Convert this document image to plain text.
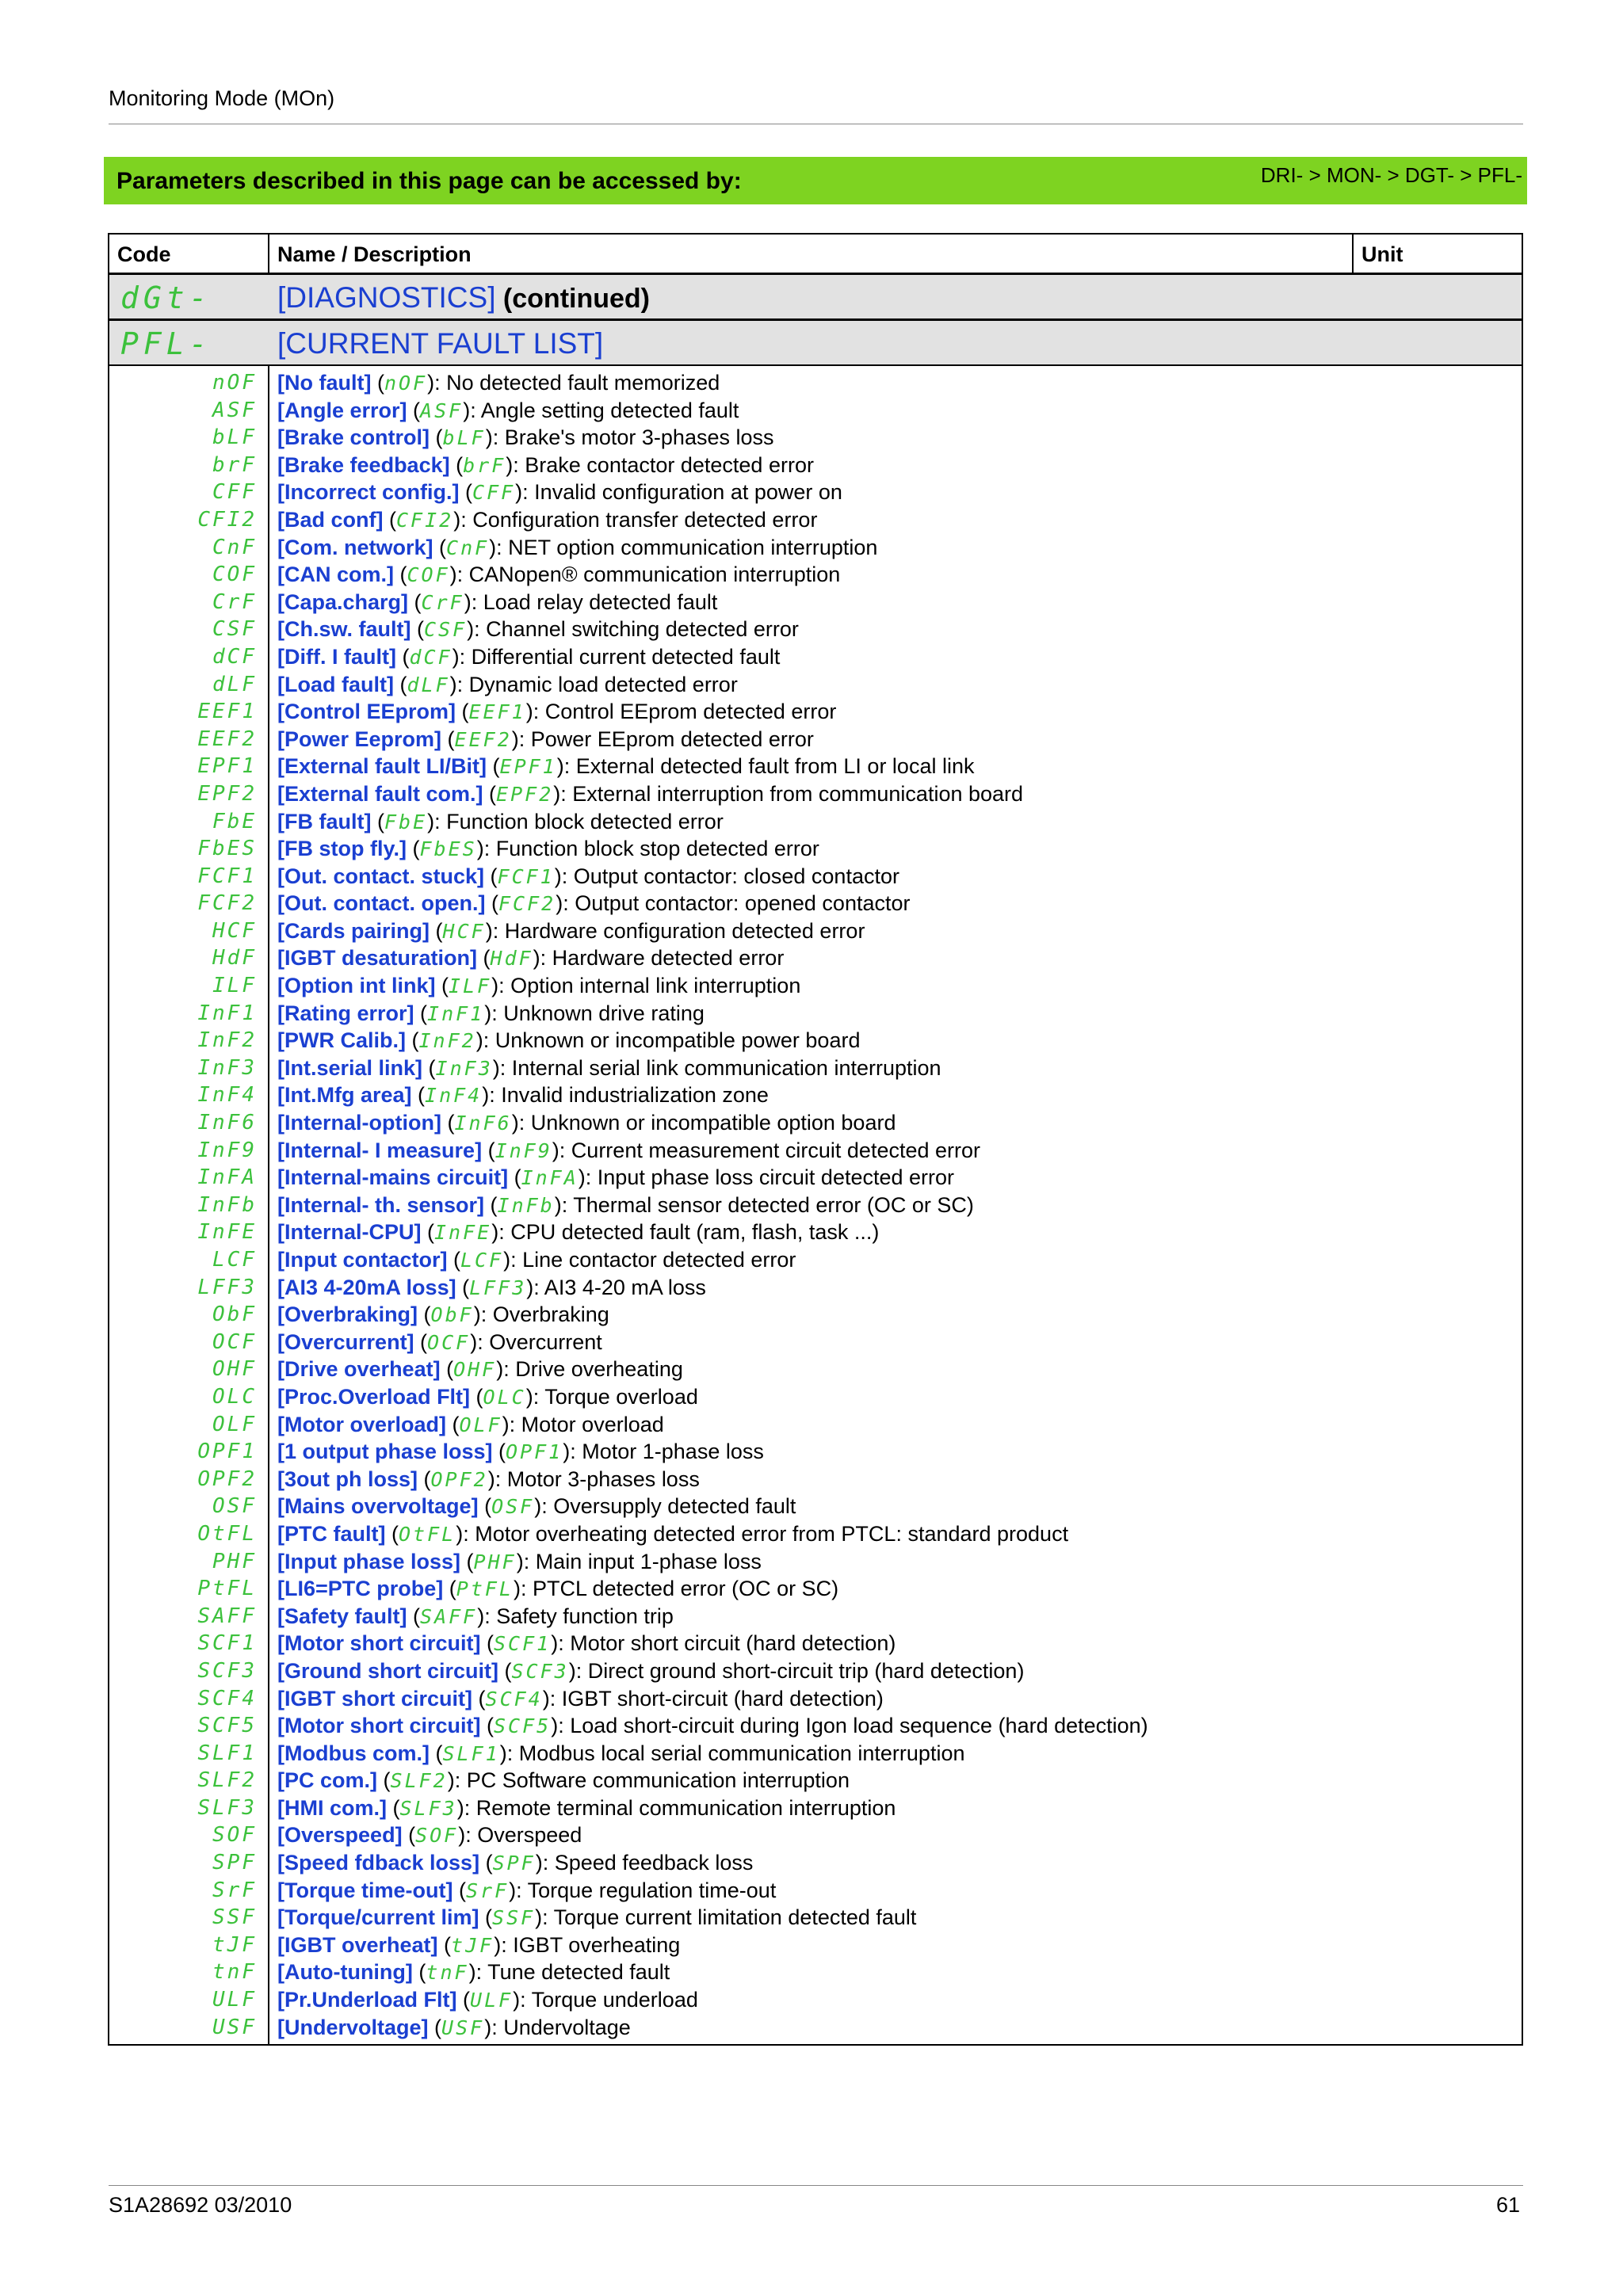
Monitoring Mode (MOn)
Parameters described in this page can be accessed by:	DRI- > MON- > DGT- > PFL-
Code	Name / Description	Unit
dGt- [DIAGNOSTICS] (continued)
PFL- [CURRENT FAULT LIST]
nOF [No fault] (nOF): No detected fault memorized
ASF [Angle error] (ASF): Angle setting detected fault
bLF [Brake control] (bLF): Brake's motor 3-phases loss
brF [Brake feedback] (brF): Brake contactor detected error
CFF [Incorrect config.] (CFF): Invalid configuration at power on
CFI2 [Bad conf] (CFI2): Configuration transfer detected error
CnF [Com. network] (CnF): NET option communication interruption
COF [CAN com.] (COF): CANopen® communication interruption
CrF [Capa.charg] (CrF): Load relay detected fault
CSF [Ch.sw. fault] (CSF): Channel switching detected error
dCF [Diff. I fault] (dCF): Differential current detected fault
dLF [Load fault] (dLF): Dynamic load detected error
EEF1 [Control EEprom] (EEF1): Control EEprom detected error
EEF2 [Power Eeprom] (EEF2): Power EEprom detected error
EPF1 [External fault LI/Bit] (EPF1): External detected fault from LI or local link
EPF2 [External fault com.] (EPF2): External interruption from communication board
FbE [FB fault] (FbE): Function block detected error
FbES [FB stop fly.] (FbES): Function block stop detected error
FCF1 [Out. contact. stuck] (FCF1): Output contactor: closed contactor
FCF2 [Out. contact. open.] (FCF2): Output contactor: opened contactor
HCF [Cards pairing] (HCF): Hardware configuration detected error
HdF [IGBT desaturation] (HdF): Hardware detected error
ILF [Option int link] (ILF): Option internal link interruption
InF1 [Rating error] (InF1): Unknown drive rating
InF2 [PWR Calib.] (InF2): Unknown or incompatible power board
InF3 [Int.serial link] (InF3): Internal serial link communication interruption
InF4 [Int.Mfg area] (InF4): Invalid industrialization zone
InF6 [Internal-option] (InF6): Unknown or incompatible option board
InF9 [Internal- I measure] (InF9): Current measurement circuit detected error
InFA [Internal-mains circuit] (InFA): Input phase loss circuit detected error
InFb [Internal- th. sensor] (InFb): Thermal sensor detected error (OC or SC)
InFE [Internal-CPU] (InFE): CPU detected fault (ram, flash, task ...)
LCF [Input contactor] (LCF): Line contactor detected error
LFF3 [AI3 4-20mA loss] (LFF3): AI3 4-20 mA loss
ObF [Overbraking] (ObF): Overbraking
OCF [Overcurrent] (OCF): Overcurrent
OHF [Drive overheat] (OHF): Drive overheating
OLC [Proc.Overload Flt] (OLC): Torque overload
OLF [Motor overload] (OLF): Motor overload
OPF1 [1 output phase loss] (OPF1): Motor 1-phase loss
OPF2 [3out ph loss] (OPF2): Motor 3-phases loss
OSF [Mains overvoltage] (OSF): Oversupply detected fault
OtFL [PTC fault] (OtFL): Motor overheating detected error from PTCL: standard product
PHF [Input phase loss] (PHF): Main input 1-phase loss
PtFL [LI6=PTC probe] (PtFL): PTCL detected error (OC or SC)
SAFF [Safety fault] (SAFF): Safety function trip
SCF1 [Motor short circuit] (SCF1): Motor short circuit (hard detection)
SCF3 [Ground short circuit] (SCF3): Direct ground short-circuit trip (hard detection)
SCF4 [IGBT short circuit] (SCF4): IGBT short-circuit (hard detection)
SCF5 [Motor short circuit] (SCF5): Load short-circuit during Igon load sequence (hard detection)
SLF1 [Modbus com.] (SLF1): Modbus local serial communication interruption
SLF2 [PC com.] (SLF2): PC Software communication interruption
SLF3 [HMI com.] (SLF3): Remote terminal communication interruption
SOF [Overspeed] (SOF): Overspeed
SPF [Speed fdback loss] (SPF): Speed feedback loss
SrF [Torque time-out] (SrF): Torque regulation time-out
SSF [Torque/current lim] (SSF): Torque current limitation detected fault
tJF [IGBT overheat] (tJF): IGBT overheating
tnF [Auto-tuning] (tnF): Tune detected fault
ULF [Pr.Underload Flt] (ULF): Torque underload
USF [Undervoltage] (USF): Undervoltage
S1A28692 03/2010	61
